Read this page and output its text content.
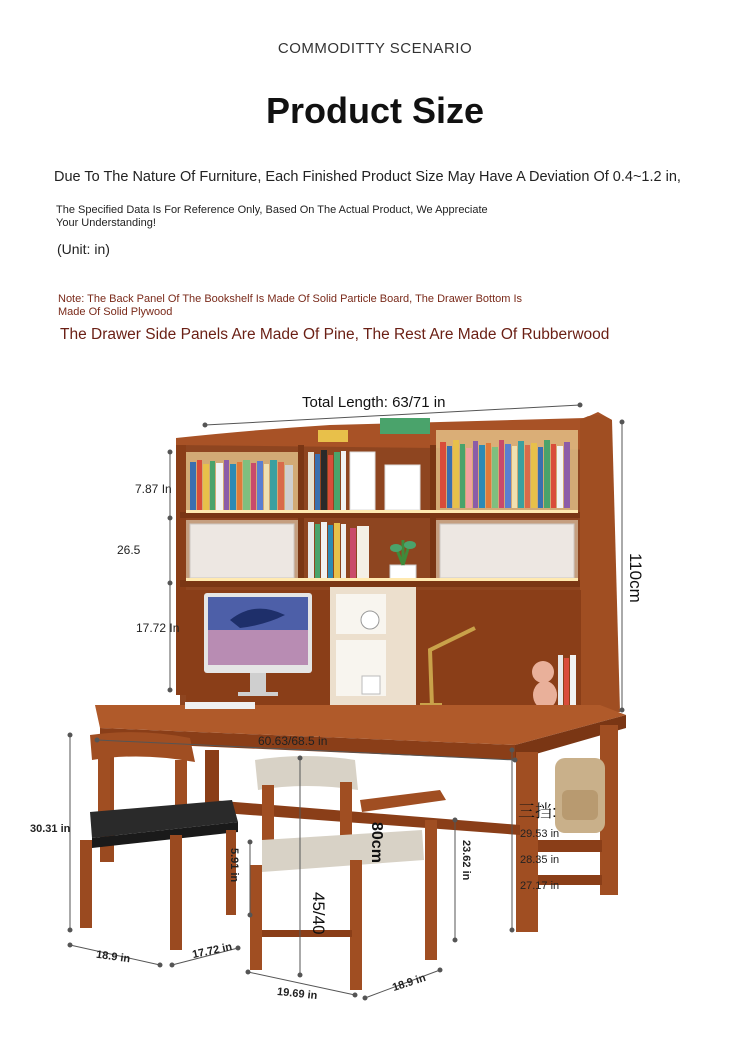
COMMODITTY SCENARIO
Product Size
Due To The Nature Of Furniture, Each Finished Product Size May Have A Deviation Of 0.4~1.2 in,
The Specified Data Is For Reference Only, Based On The Actual Product, We Appreciate Your Understanding!
(Unit: in)
Note: The Back Panel Of The Bookshelf Is Made Of Solid Particle Board, The Drawer Bottom Is Made Of Solid Plywood
The Drawer Side Panels Are Made Of Pine, The Rest Are Made Of Rubberwood
Total Length: 63/71 in
110cm
7.87 In
26.5
17.72 In
60.63/68.5 in
30.31 in
18.9 in	17.72 in
5.91 in
80cm
45/40
23.62 in
19.69 in
18.9 in
三挡:
29.53 in
28.35 in
27.17 in
